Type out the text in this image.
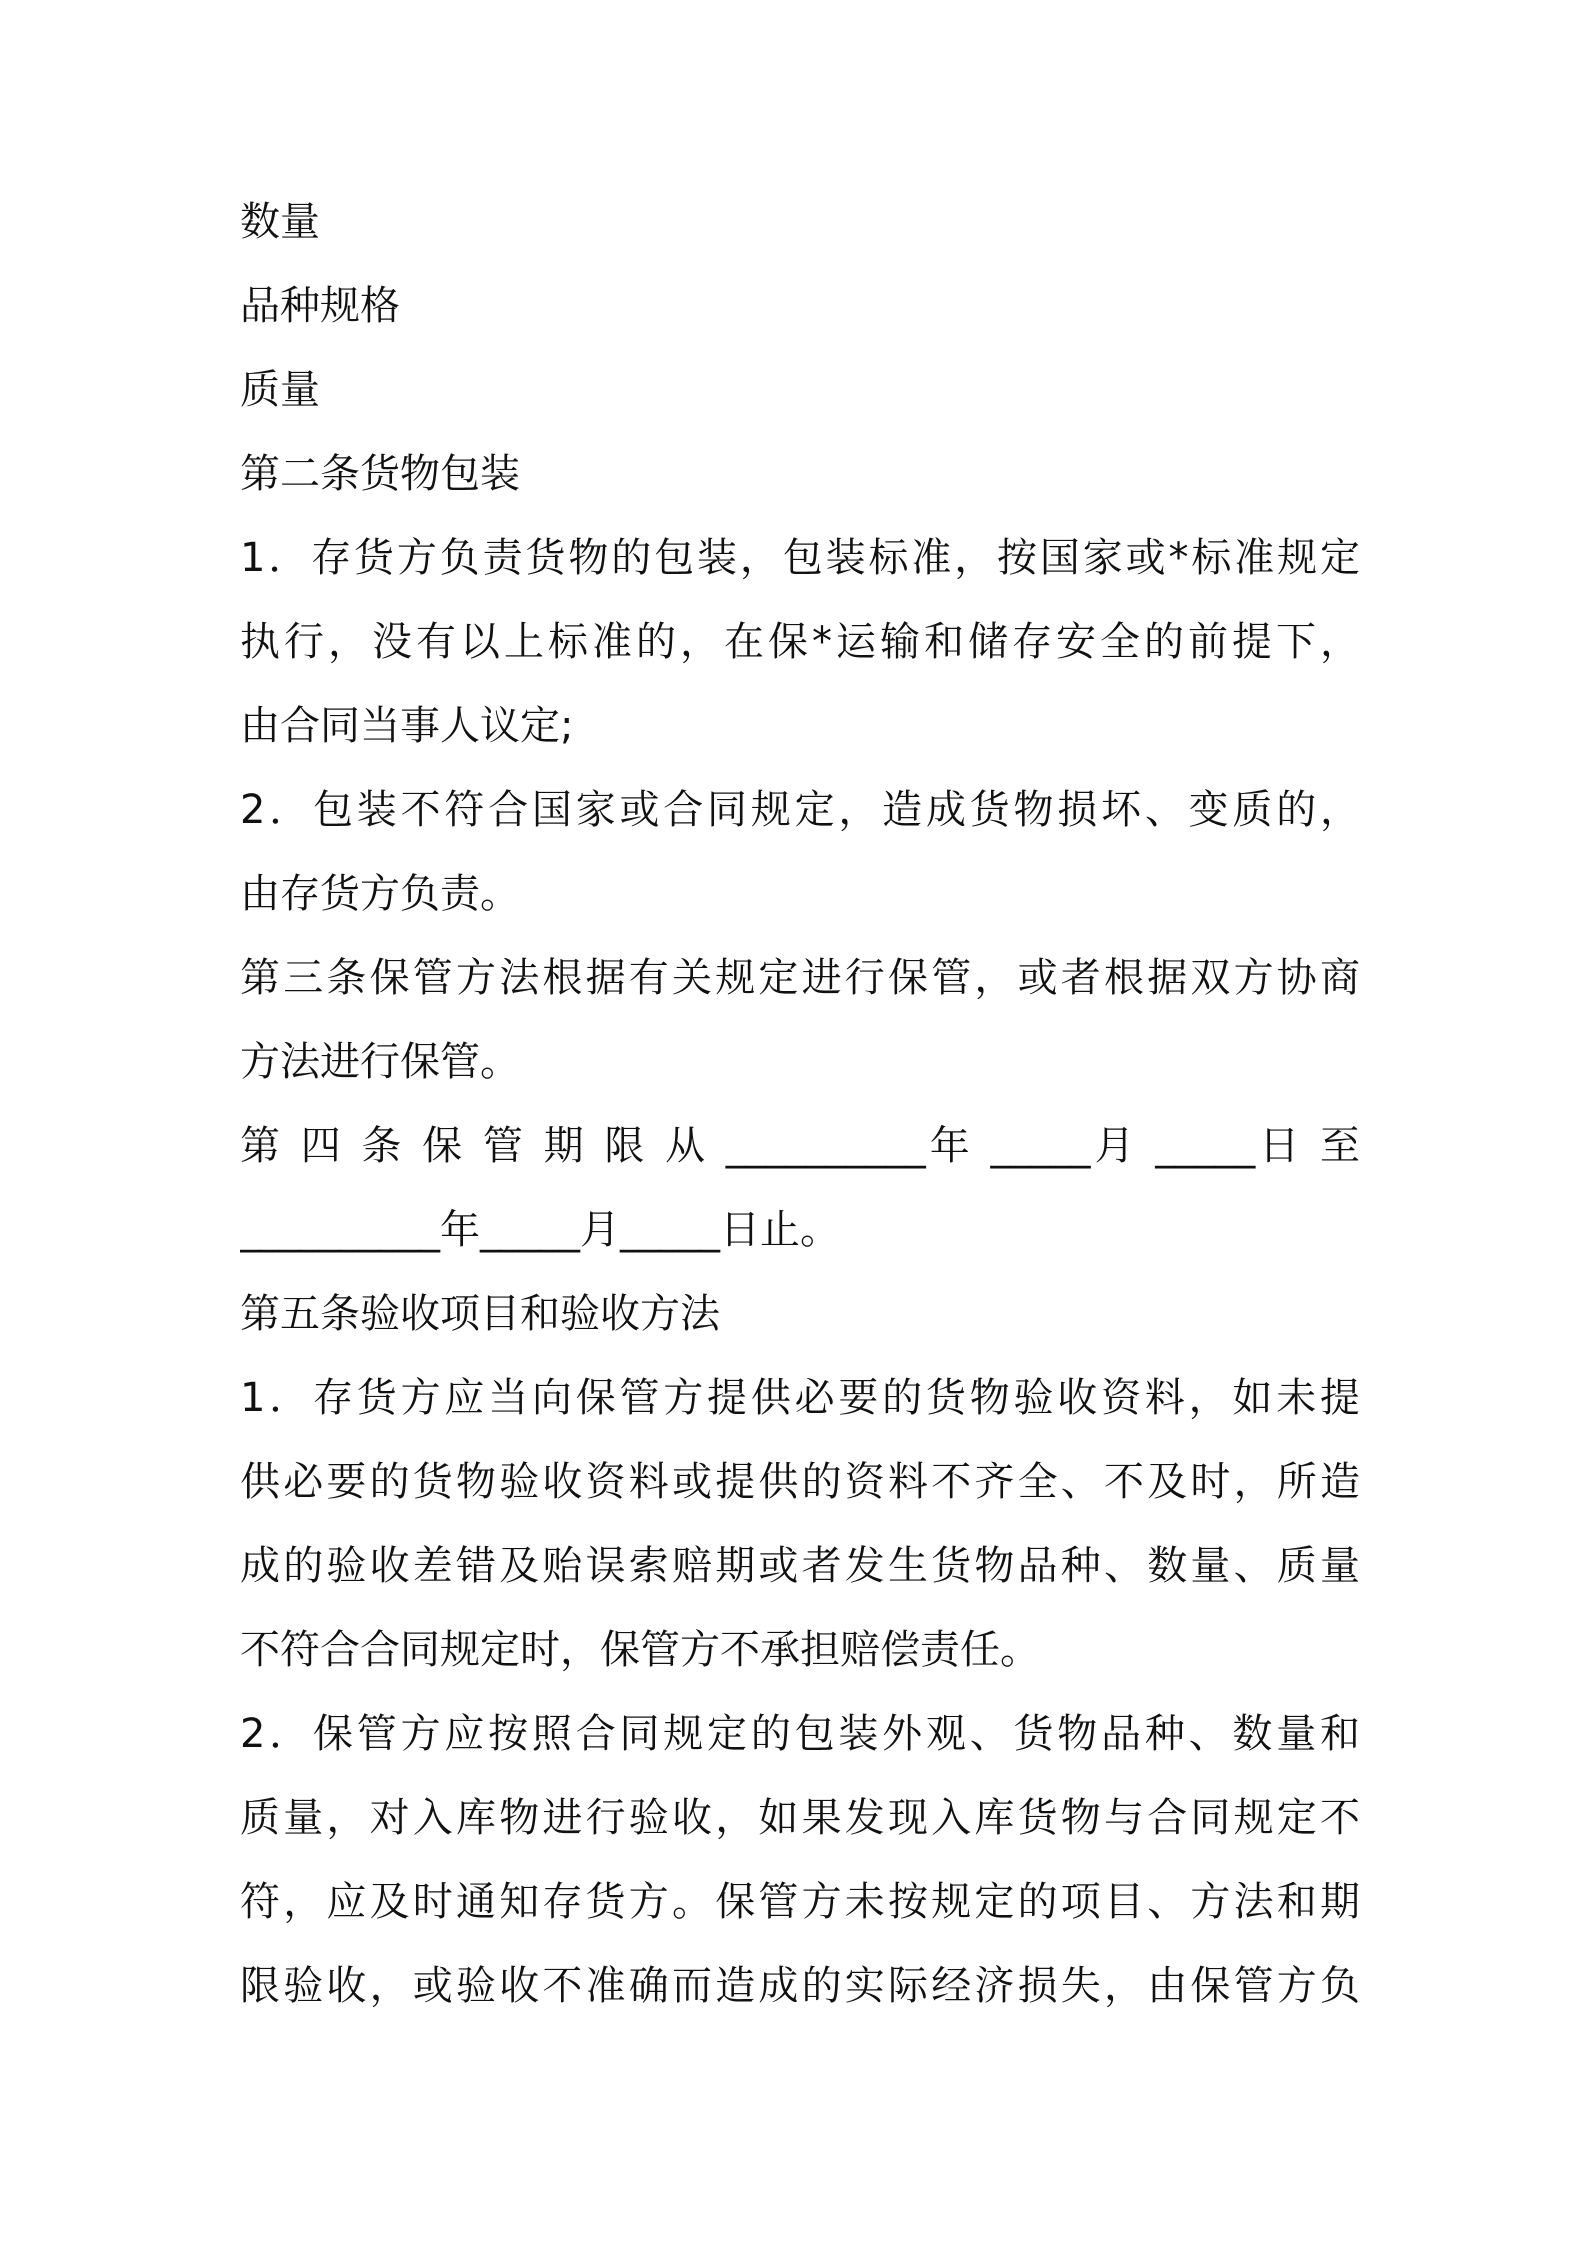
数量
品种规格
质量
第二条货物包装
1．存货方负责货物的包装，包装标准，按国家或*标准规定
执行，没有以上标准的，在保*运输和储存安全的前提下，
由合同当事人议定;
2．包装不符合国家或合同规定，造成货物损坏、变质的，
由存货方负责。
第三条保管方法根据有关规定进行保管，或者根据双方协商
方法进行保管。
第 四 条 保 管 期 限 从 __________年 _____月 _____日 至
__________年_____月_____日止。
第五条验收项目和验收方法
1．存货方应当向保管方提供必要的货物验收资料，如未提
供必要的货物验收资料或提供的资料不齐全、不及时，所造
成的验收差错及贻误索赔期或者发生货物品种、数量、质量
不符合合同规定时，保管方不承担赔偿责任。
2．保管方应按照合同规定的包装外观、货物品种、数量和
质量，对入库物进行验收，如果发现入库货物与合同规定不
符，应及时通知存货方。保管方未按规定的项目、方法和期
限验收，或验收不准确而造成的实际经济损失，由保管方负
